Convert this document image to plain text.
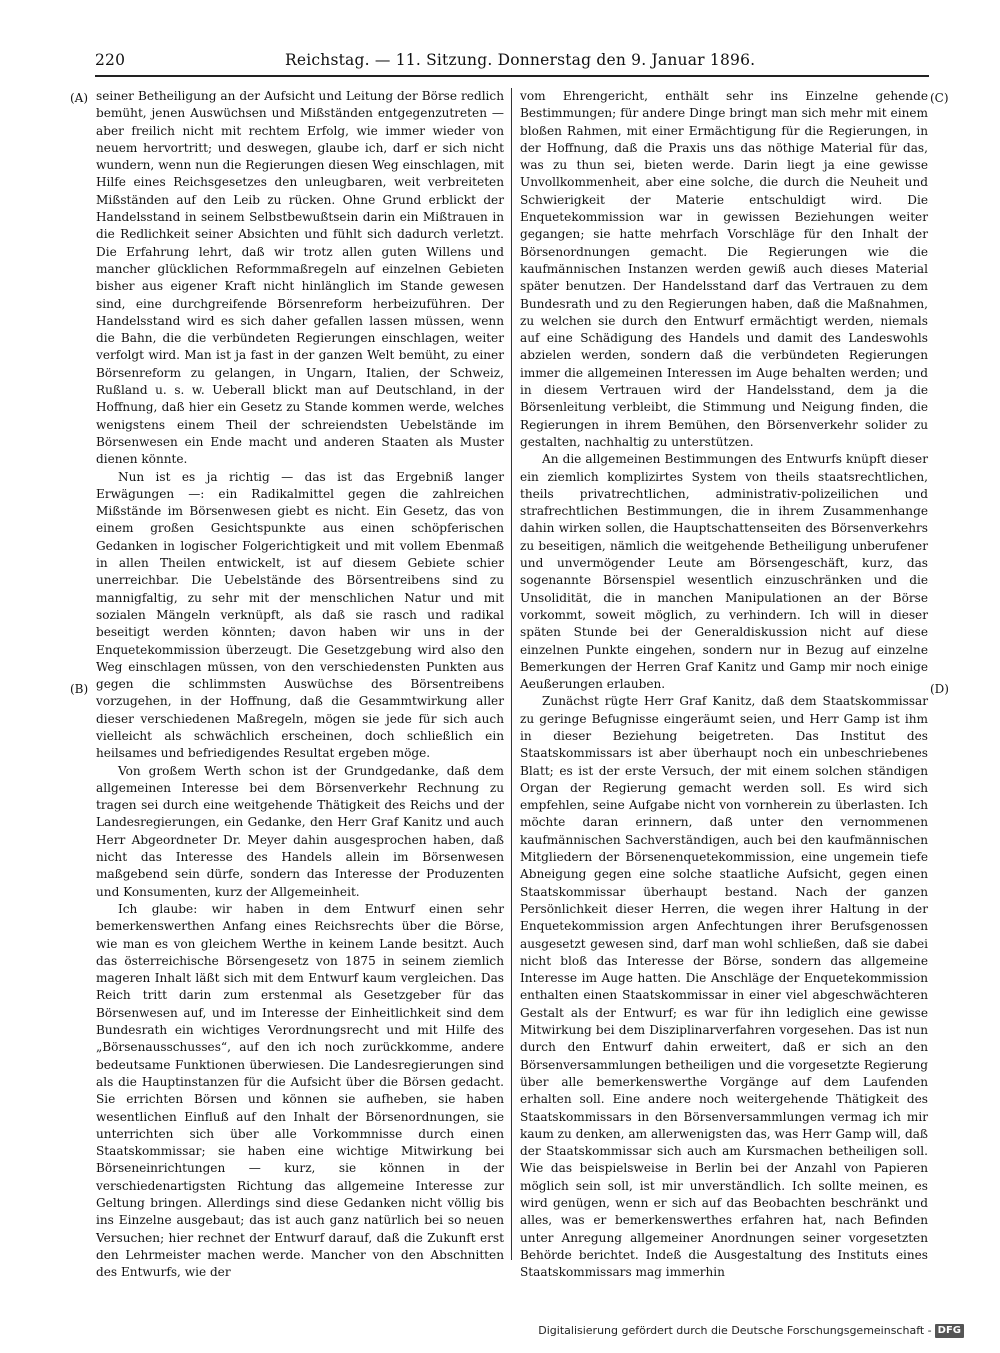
220	Reichstag. — 11. Sitzung. Donnerstag den 9. Januar 1896.
(A)
(B)
(C)
(D)

seiner Betheiligung an der Aufsicht und Leitung der Börse redlich bemüht, jenen Auswüchsen und Mißständen entgegenzutreten — aber freilich nicht mit rechtem Erfolg, wie immer wieder von neuem hervortritt; und deswegen, glaube ich, darf er sich nicht wundern, wenn nun die Regierungen diesen Weg einschlagen, mit Hilfe eines Reichsgesetzes den unleugbaren, weit verbreiteten Mißständen auf den Leib zu rücken. Ohne Grund erblickt der Handelsstand in seinem Selbstbewußtsein darin ein Mißtrauen in die Redlichkeit seiner Absichten und fühlt sich dadurch verletzt. Die Erfahrung lehrt, daß wir trotz allen guten Willens und mancher glücklichen Reformmaßregeln auf einzelnen Gebieten bisher aus eigener Kraft nicht hinlänglich im Stande gewesen sind, eine durchgreifende Börsenreform herbeizuführen. Der Handelsstand wird es sich daher gefallen lassen müssen, wenn die Bahn, die die verbündeten Regierungen einschlagen, weiter verfolgt wird. Man ist ja fast in der ganzen Welt bemüht, zu einer Börsenreform zu gelangen, in Ungarn, Italien, der Schweiz, Rußland u. s. w. Ueberall blickt man auf Deutschland, in der Hoffnung, daß hier ein Gesetz zu Stande kommen werde, welches wenigstens einem Theil der schreiendsten Uebelstände im Börsenwesen ein Ende macht und anderen Staaten als Muster dienen könnte.

Nun ist es ja richtig — das ist das Ergebniß langer Erwägungen —: ein Radikalmittel gegen die zahlreichen Mißstände im Börsenwesen giebt es nicht. Ein Gesetz, das von einem großen Gesichtspunkte aus einen schöpferischen Gedanken in logischer Folgerichtigkeit und mit vollem Ebenmaß in allen Theilen entwickelt, ist auf diesem Gebiete schier unerreichbar. Die Uebelstände des Börsentreibens sind zu mannigfaltig, zu sehr mit der menschlichen Natur und mit sozialen Mängeln verknüpft, als daß sie rasch und radikal beseitigt werden könnten; davon haben wir uns in der Enquetekommission überzeugt. Die Gesetzgebung wird also den Weg einschlagen müssen, von den verschiedensten Punkten aus gegen die schlimmsten Auswüchse des Börsentreibens vorzugehen, in der Hoffnung, daß die Gesammtwirkung aller dieser verschiedenen Maßregeln, mögen sie jede für sich auch vielleicht als schwächlich erscheinen, doch schließlich ein heilsames und befriedigendes Resultat ergeben möge.

Von großem Werth schon ist der Grundgedanke, daß dem allgemeinen Interesse bei dem Börsenverkehr Rechnung zu tragen sei durch eine weitgehende Thätigkeit des Reichs und der Landesregierungen, ein Gedanke, den Herr Graf Kanitz und auch Herr Abgeordneter Dr. Meyer dahin ausgesprochen haben, daß nicht das Interesse des Handels allein im Börsenwesen maßgebend sein dürfe, sondern das Interesse der Produzenten und Konsumenten, kurz der Allgemeinheit.

Ich glaube: wir haben in dem Entwurf einen sehr bemerkenswerthen Anfang eines Reichsrechts über die Börse, wie man es von gleichem Werthe in keinem Lande besitzt. Auch das österreichische Börsengesetz von 1875 in seinem ziemlich mageren Inhalt läßt sich mit dem Entwurf kaum vergleichen. Das Reich tritt darin zum erstenmal als Gesetzgeber für das Börsenwesen auf, und im Interesse der Einheitlichkeit sind dem Bundesrath ein wichtiges Verordnungsrecht und mit Hilfe des „Börsenausschusses“, auf den ich noch zurückkomme, andere bedeutsame Funktionen überwiesen. Die Landesregierungen sind als die Hauptinstanzen für die Aufsicht über die Börsen gedacht. Sie errichten Börsen und können sie aufheben, sie haben wesentlichen Einfluß auf den Inhalt der Börsenordnungen, sie unterrichten sich über alle Vorkommnisse durch einen Staatskommissar; sie haben eine wichtige Mitwirkung bei Börseneinrichtungen — kurz, sie können in der verschiedenartigsten Richtung das allgemeine Interesse zur Geltung bringen. Allerdings sind diese Gedanken nicht völlig bis ins Einzelne ausgebaut; das ist auch ganz natürlich bei so neuen Versuchen; hier rechnet der Entwurf darauf, daß die Zukunft erst den Lehrmeister machen werde. Mancher von den Abschnitten des Entwurfs, wie der

vom Ehrengericht, enthält sehr ins Einzelne gehende Bestimmungen; für andere Dinge bringt man sich mehr mit einem bloßen Rahmen, mit einer Ermächtigung für die Regierungen, in der Hoffnung, daß die Praxis uns das nöthige Material für das, was zu thun sei, bieten werde. Darin liegt ja eine gewisse Unvollkommenheit, aber eine solche, die durch die Neuheit und Schwierigkeit der Materie entschuldigt wird. Die Enquetekommission war in gewissen Beziehungen weiter gegangen; sie hatte mehrfach Vorschläge für den Inhalt der Börsenordnungen gemacht. Die Regierungen wie die kaufmännischen Instanzen werden gewiß auch dieses Material später benutzen. Der Handelsstand darf das Vertrauen zu dem Bundesrath und zu den Regierungen haben, daß die Maßnahmen, zu welchen sie durch den Entwurf ermächtigt werden, niemals auf eine Schädigung des Handels und damit des Landeswohls abzielen werden, sondern daß die verbündeten Regierungen immer die allgemeinen Interessen im Auge behalten werden; und in diesem Vertrauen wird der Handelsstand, dem ja die Börsenleitung verbleibt, die Stimmung und Neigung finden, die Regierungen in ihrem Bemühen, den Börsenverkehr solider zu gestalten, nachhaltig zu unterstützen.

An die allgemeinen Bestimmungen des Entwurfs knüpft dieser ein ziemlich komplizirtes System von theils staatsrechtlichen, theils privatrechtlichen, administrativ-polizeilichen und strafrechtlichen Bestimmungen, die in ihrem Zusammenhange dahin wirken sollen, die Hauptschattenseiten des Börsenverkehrs zu beseitigen, nämlich die weitgehende Betheiligung unberufener und unvermögender Leute am Börsengeschäft, kurz, das sogenannte Börsenspiel wesentlich einzuschränken und die Unsolidität, die in manchen Manipulationen an der Börse vorkommt, soweit möglich, zu verhindern. Ich will in dieser späten Stunde bei der Generaldiskussion nicht auf diese einzelnen Punkte eingehen, sondern nur in Bezug auf einzelne Bemerkungen der Herren Graf Kanitz und Gamp mir noch einige Aeußerungen erlauben.

Zunächst rügte Herr Graf Kanitz, daß dem Staatskommissar zu geringe Befugnisse eingeräumt seien, und Herr Gamp ist ihm in dieser Beziehung beigetreten. Das Institut des Staatskommissars ist aber überhaupt noch ein unbeschriebenes Blatt; es ist der erste Versuch, der mit einem solchen ständigen Organ der Regierung gemacht werden soll. Es wird sich empfehlen, seine Aufgabe nicht von vornherein zu überlasten. Ich möchte daran erinnern, daß unter den vernommenen kaufmännischen Sachverständigen, auch bei den kaufmännischen Mitgliedern der Börsenenquetekommission, eine ungemein tiefe Abneigung gegen eine solche staatliche Aufsicht, gegen einen Staatskommissar überhaupt bestand. Nach der ganzen Persönlichkeit dieser Herren, die wegen ihrer Haltung in der Enquetekommission argen Anfechtungen ihrer Berufsgenossen ausgesetzt gewesen sind, darf man wohl schließen, daß sie dabei nicht bloß das Interesse der Börse, sondern das allgemeine Interesse im Auge hatten. Die Anschläge der Enquetekommission enthalten einen Staatskommissar in einer viel abgeschwächteren Gestalt als der Entwurf; es war für ihn lediglich eine gewisse Mitwirkung bei dem Disziplinarverfahren vorgesehen. Das ist nun durch den Entwurf dahin erweitert, daß er sich an den Börsenversammlungen betheiligen und die vorgesetzte Regierung über alle bemerkenswerthe Vorgänge auf dem Laufenden erhalten soll. Eine andere noch weitergehende Thätigkeit des Staatskommissars in den Börsenversammlungen vermag ich mir kaum zu denken, am allerwenigsten das, was Herr Gamp will, daß der Staatskommissar sich auch am Kursmachen betheiligen soll. Wie das beispielsweise in Berlin bei der Anzahl von Papieren möglich sein soll, ist mir unverständlich. Ich sollte meinen, es wird genügen, wenn er sich auf das Beobachten beschränkt und alles, was er bemerkenswerthes erfahren hat, nach Befinden unter Anregung allgemeiner Anordnungen seiner vorgesetzten Behörde berichtet. Indeß die Ausgestaltung des Instituts eines Staatskommissars mag immerhin

Digitalisierung gefördert durch die Deutsche Forschungsgemeinschaft - DFG
